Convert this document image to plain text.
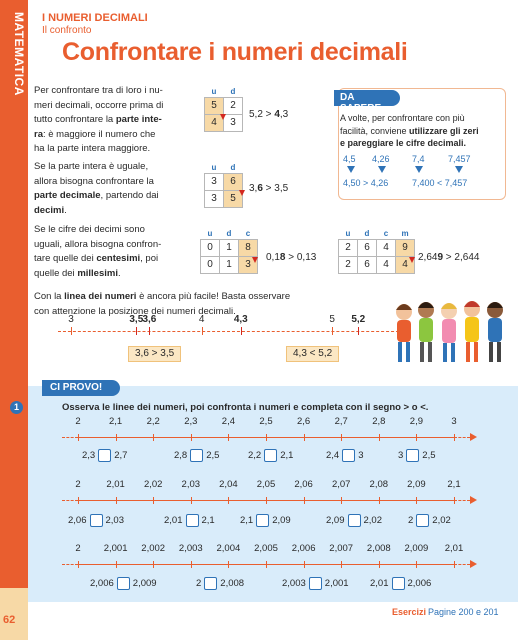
MATEMATICA
62
I NUMERI DECIMALI
Il confronto
Confrontare i numeri decimali
Per confrontare tra di loro i nu-
meri decimali, occorre prima di
tutto confrontare la parte inte-
ra: è maggiore il numero che
ha la parte intera maggiore.
u	d
5	2
4	3
5,2 > 4,3
Se la parte intera è uguale,
allora bisogna confrontare la
parte decimale, partendo dai
decimi.
u	d
3	6
3	5
3,6 > 3,5
Se le cifre dei decimi sono
uguali, allora bisogna confron-
tare quelle dei centesimi, poi
quelle dei millesimi.
u	d	c
0	1	8
0	1	3
0,18 > 0,13
u	d	c	m
2	6	4	9
2	6	4	4
2,649 > 2,644
DA SAPERE
A volte, per confrontare con più
facilità, conviene utilizzare gli zeri
e pareggiare le cifre decimali.
4,5 4,26 7,4	7,457
4,50 > 4,26	7,400 < 7,457
Con la linea dei numeri è ancora più facile! Basta osservare
con attenzione la posizione dei numeri decimali.
3	3,5 3,6	4	4,3	5	5,2
3,6 > 3,5	4,3 < 5,2
CI PROVO!
1	Osserva le linee dei numeri, poi confronta i numeri e completa con il segno > o <.
2	2,1	2,2	2,3	2,4	2,5	2,6	2,7	2,8	2,9	3
2,3 2,7	2,8 2,5	2,2 2,1	2,4 3	3 2,5
2	2,01	2,02	2,03	2,04	2,05	2,06	2,07	2,08	2,09	2,1
2,06 2,03	2,01 2,1	2,1 2,09	2,09 2,02	2 2,02
2	2,001	2,002	2,003	2,004	2,005	2,006	2,007	2,008	2,009	2,01
2,006 2,009	2 2,008	2,003 2,001 2,01 2,006
Esercizi Pagine 200 e 201
